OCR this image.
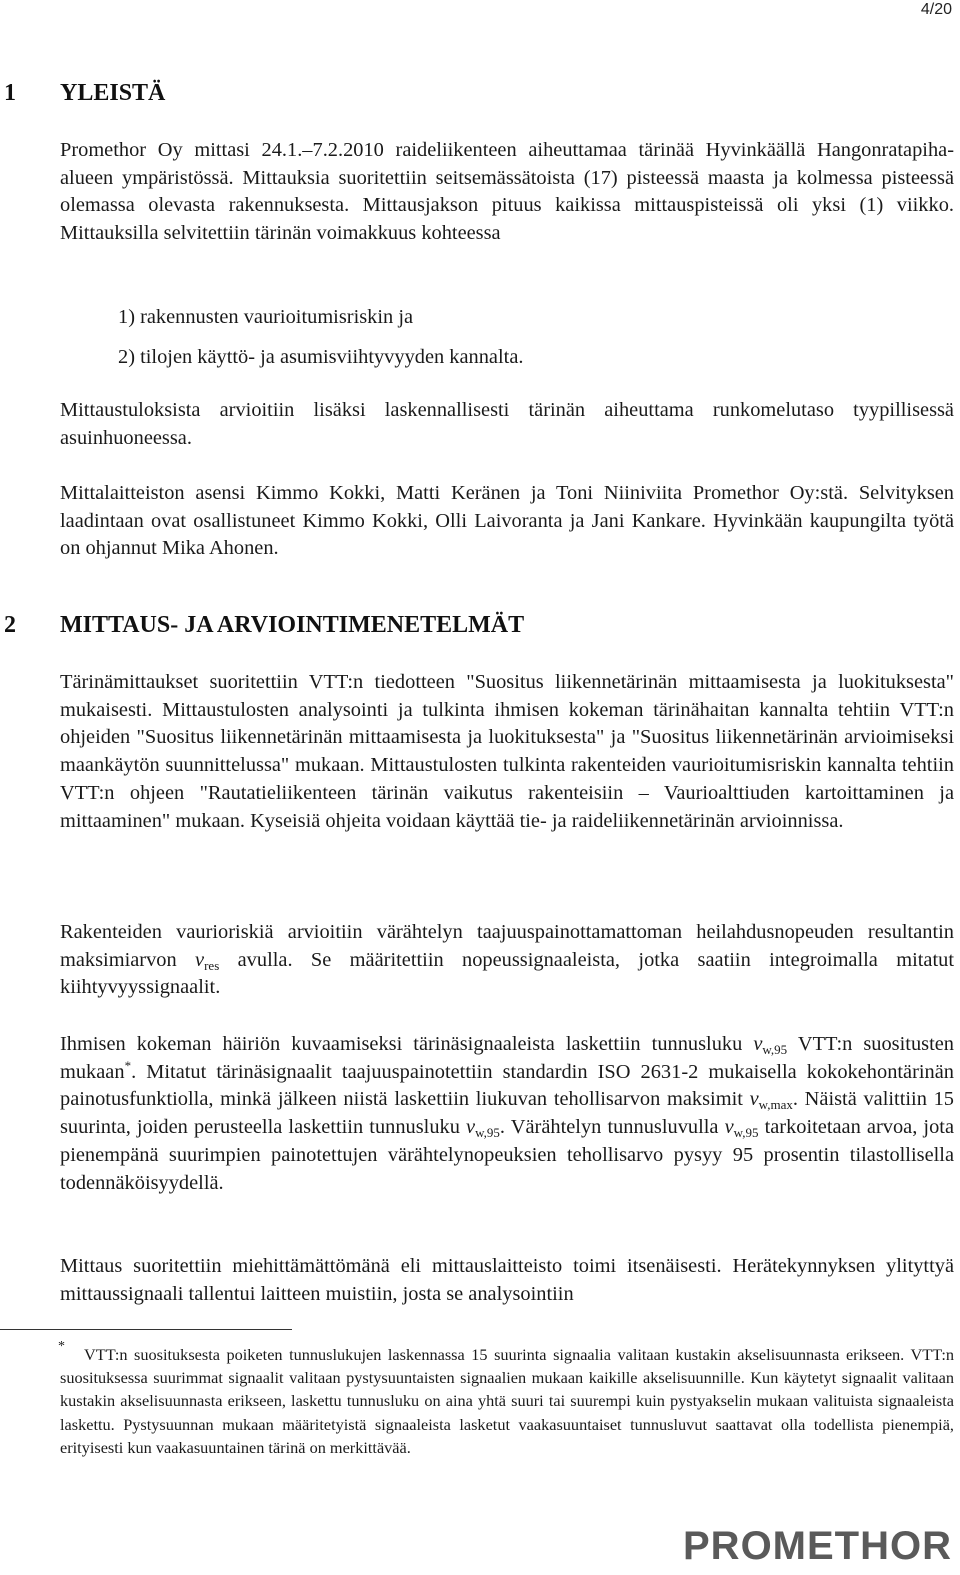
4/20
1 YLEISTÄ
Promethor Oy mittasi 24.1.–7.2.2010 raideliikenteen aiheuttamaa tärinää Hyvinkäällä Hangonratapiha-alueen ympäristössä. Mittauksia suoritettiin seitsemässätoista (17) pisteessä maasta ja kolmessa pisteessä olemassa olevasta rakennuksesta. Mittausjakson pituus kaikissa mittauspisteissä oli yksi (1) viikko. Mittauksilla selvitettiin tärinän voimakkuus kohteessa
1) rakennusten vaurioitumisriskin ja
2) tilojen käyttö- ja asumisviihtyvyyden kannalta.
Mittaustuloksista arvioitiin lisäksi laskennallisesti tärinän aiheuttama runkomelutaso tyypillisessä asuinhuoneessa.
Mittalaitteiston asensi Kimmo Kokki, Matti Keränen ja Toni Niiniviita Promethor Oy:stä. Selvityksen laadintaan ovat osallistuneet Kimmo Kokki, Olli Laivoranta ja Jani Kankare. Hyvinkään kaupungilta työtä on ohjannut Mika Ahonen.
2 MITTAUS- JA ARVIOINTIMENETELMÄT
Tärinämittaukset suoritettiin VTT:n tiedotteen "Suositus liikennetärinän mittaamisesta ja luokituksesta" mukaisesti. Mittaustulosten analysointi ja tulkinta ihmisen kokeman tärinähaitan kannalta tehtiin VTT:n ohjeiden "Suositus liikennetärinän mittaamisesta ja luokituksesta" ja "Suositus liikennetärinän arvioimiseksi maankäytön suunnittelussa" mukaan. Mittaustulosten tulkinta rakenteiden vaurioitumisriskin kannalta tehtiin VTT:n ohjeen "Rautatieliikenteen tärinän vaikutus rakenteisiin – Vaurioalttiuden kartoittaminen ja mittaaminen" mukaan. Kyseisiä ohjeita voidaan käyttää tie- ja raideliikennetärinän arvioinnissa.
Rakenteiden vaurioriskiä arvioitiin värähtelyn taajuuspainottamattoman heilahdusnopeuden resultantin maksimiarvon $v_{res}$ avulla. Se määritettiin nopeussignaaleista, jotka saatiin integroimalla mitatut kiihtyvyyssignaalit.
Ihmisen kokeman häiriön kuvaamiseksi tärinäsignaaleista laskettiin tunnusluku $v_{w,95}$ VTT:n suositusten mukaan*. Mitatut tärinäsignaalit taajuuspainotettiin standardin ISO 2631-2 mukaisella kokokehontärinän painotusfunktiolla, minkä jälkeen niistä laskettiin liukuvan tehollisarvon maksimit $v_{w,max}$. Näistä valittiin 15 suurinta, joiden perusteella laskettiin tunnusluku $v_{w,95}$. Värähtelyn tunnusluvulla $v_{w,95}$ tarkoitetaan arvoa, jota pienempänä suurimpien painotettujen värähtelynopeuksien tehollisarvo pysyy 95 prosentin tilastollisella todennäköisyydellä.
Mittaus suoritettiin miehittämättömänä eli mittauslaitteisto toimi itsenäisesti. Herätekynnyksen ylityttyä mittaussignaali tallentui laitteen muistiin, josta se analysointiin
* VTT:n suosituksesta poiketen tunnuslukujen laskennassa 15 suurinta signaalia valitaan kustakin akselisuunnasta erikseen. VTT:n suosituksessa suurimmat signaalit valitaan pystysuuntaisten signaalien mukaan kaikille akselisuunnille. Kun käytetyt signaalit valitaan kustakin akselisuunnasta erikseen, laskettu tunnusluku on aina yhtä suuri tai suurempi kuin pystyakselin mukaan valituista signaaleista laskettu. Pystysuunnan mukaan määritetyistä signaaleista lasketut vaakasuuntaiset tunnusluvut saattavat olla todellista pienempiä, erityisesti kun vaakasuuntainen tärinä on merkittävää.
PROMETHOR
